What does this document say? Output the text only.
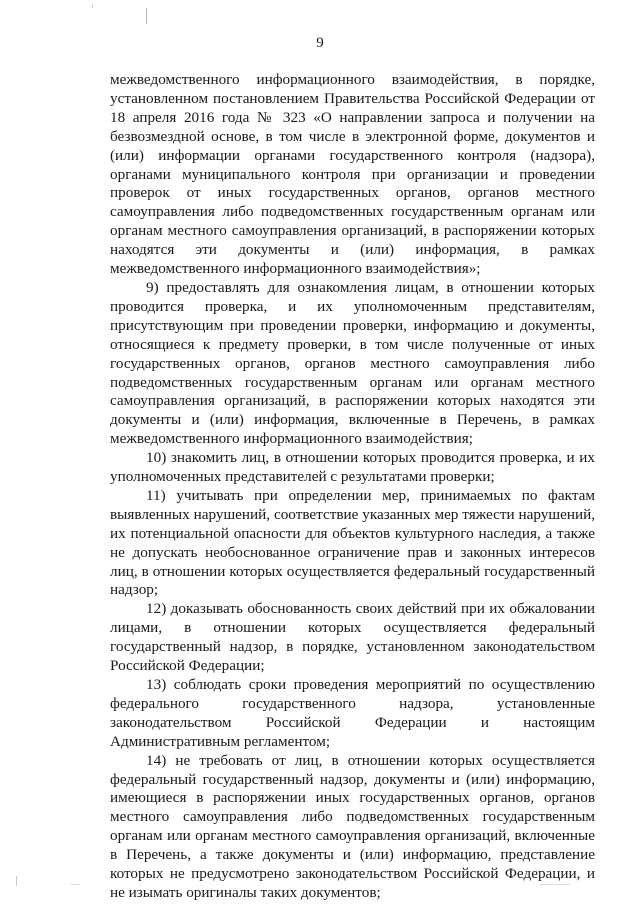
9

межведомственного информационного взаимодействия, в порядке, установленном постановлением Правительства Российской Федерации от 18 апреля 2016 года № 323 «О направлении запроса и получении на безвозмездной основе, в том числе в электронной форме, документов и (или) информации органами государственного контроля (надзора), органами муниципального контроля при организации и проведении проверок от иных государственных органов, органов местного самоуправления либо подведомственных государственным органам или органам местного самоуправления организаций, в распоряжении которых находятся эти документы и (или) информация, в рамках межведомственного информационного взаимодействия»;

9) предоставлять для ознакомления лицам, в отношении которых проводится проверка, и их уполномоченным представителям, присутствующим при проведении проверки, информацию и документы, относящиеся к предмету проверки, в том числе полученные от иных государственных органов, органов местного самоуправления либо подведомственных государственным органам или органам местного самоуправления организаций, в распоряжении которых находятся эти документы и (или) информация, включенные в Перечень, в рамках межведомственного информационного взаимодействия;

10) знакомить лиц, в отношении которых проводится проверка, и их уполномоченных представителей с результатами проверки;

11) учитывать при определении мер, принимаемых по фактам выявленных нарушений, соответствие указанных мер тяжести нарушений, их потенциальной опасности для объектов культурного наследия, а также не допускать необоснованное ограничение прав и законных интересов лиц, в отношении которых осуществляется федеральный государственный надзор;

12) доказывать обоснованность своих действий при их обжаловании лицами, в отношении которых осуществляется федеральный государственный надзор, в порядке, установленном законодательством Российской Федерации;

13) соблюдать сроки проведения мероприятий по осуществлению федерального государственного надзора, установленные законодательством Российской Федерации и настоящим Административным регламентом;

14) не требовать от лиц, в отношении которых осуществляется федеральный государственный надзор, документы и (или) информацию, имеющиеся в распоряжении иных государственных органов, органов местного самоуправления либо подведомственных государственным органам или органам местного самоуправления организаций, включенные в Перечень, а также документы и (или) информацию, представление которых не предусмотрено законодательством Российской Федерации, и не изымать оригиналы таких документов;
